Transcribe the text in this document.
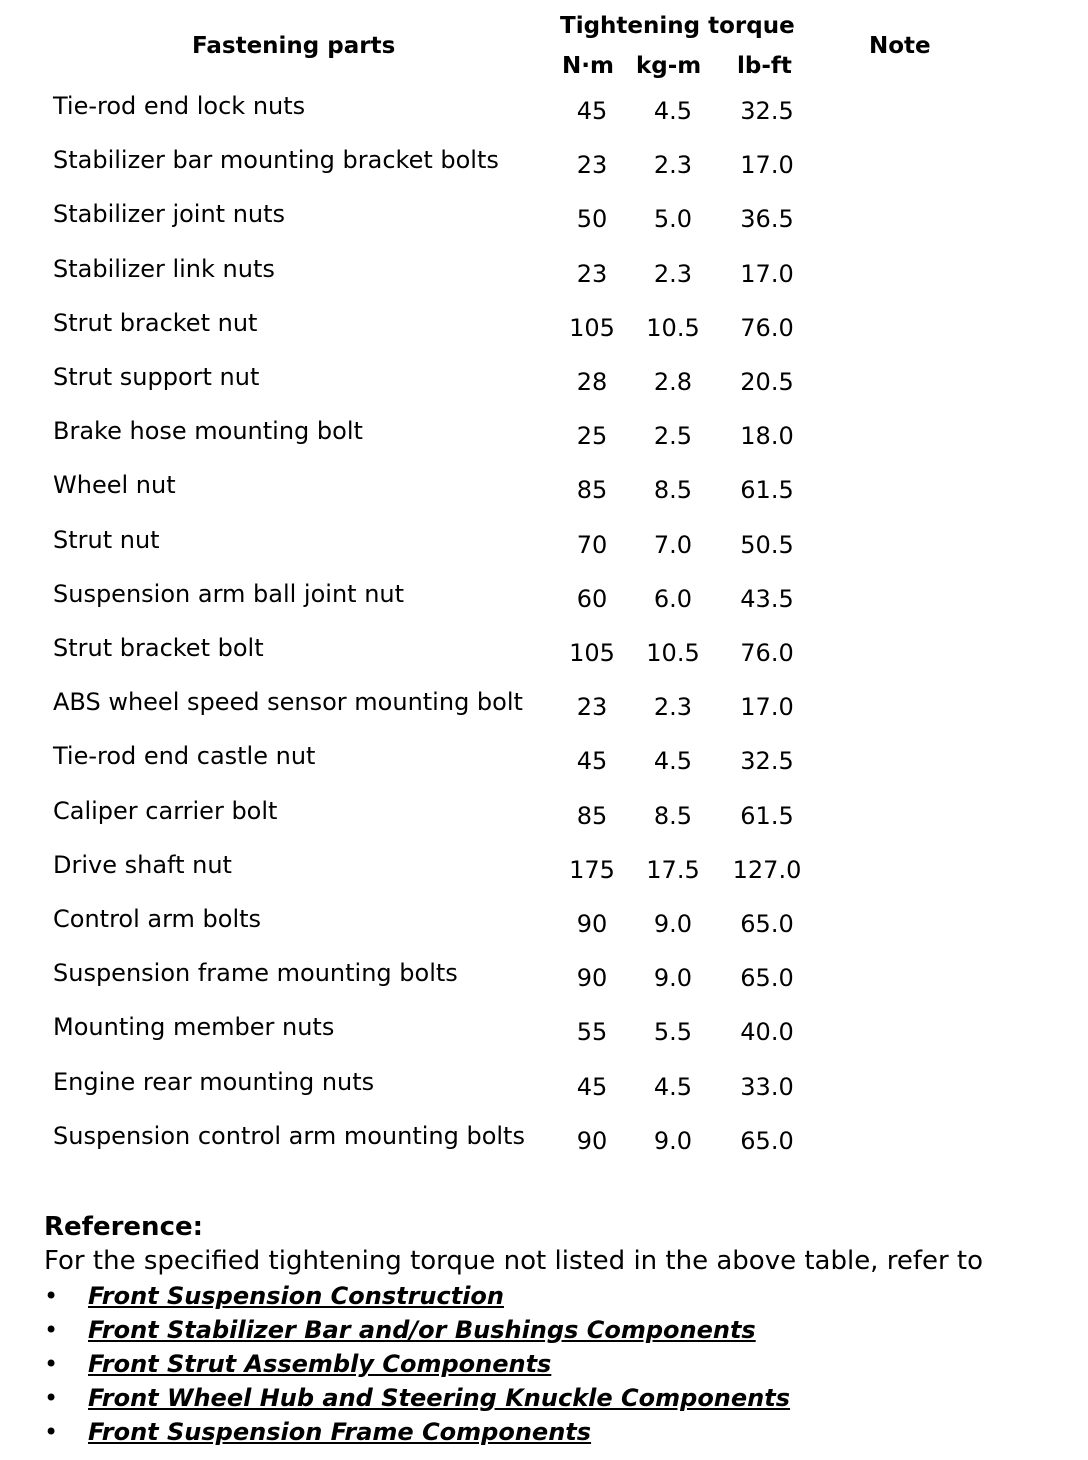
Fastening parts
Tightening torque
N·m kg-m lb-ft
Note
Tie-rod end lock nuts	45	4.5	32.5
Stabilizer bar mounting bracket bolts	23	2.3	17.0
Stabilizer joint nuts	50	5.0	36.5
Stabilizer link nuts	23	2.3	17.0
Strut bracket nut	105	10.5	76.0
Strut support nut	28	2.8	20.5
Brake hose mounting bolt	25	2.5	18.0
Wheel nut	85	8.5	61.5
Strut nut	70	7.0	50.5
Suspension arm ball joint nut	60	6.0	43.5
Strut bracket bolt	105	10.5	76.0
ABS wheel speed sensor mounting bolt	23	2.3	17.0
Tie-rod end castle nut	45	4.5	32.5
Caliper carrier bolt	85	8.5	61.5
Drive shaft nut	175	17.5	127.0
Control arm bolts	90	9.0	65.0
Suspension frame mounting bolts	90	9.0	65.0
Mounting member nuts	55	5.5	40.0
Engine rear mounting nuts	45	4.5	33.0
Suspension control arm mounting bolts	90	9.0	65.0
Reference:
For the specified tightening torque not listed in the above table, refer to
• Front Suspension Construction
• Front Stabilizer Bar and/or Bushings Components
• Front Strut Assembly Components
• Front Wheel Hub and Steering Knuckle Components
• Front Suspension Frame Components
